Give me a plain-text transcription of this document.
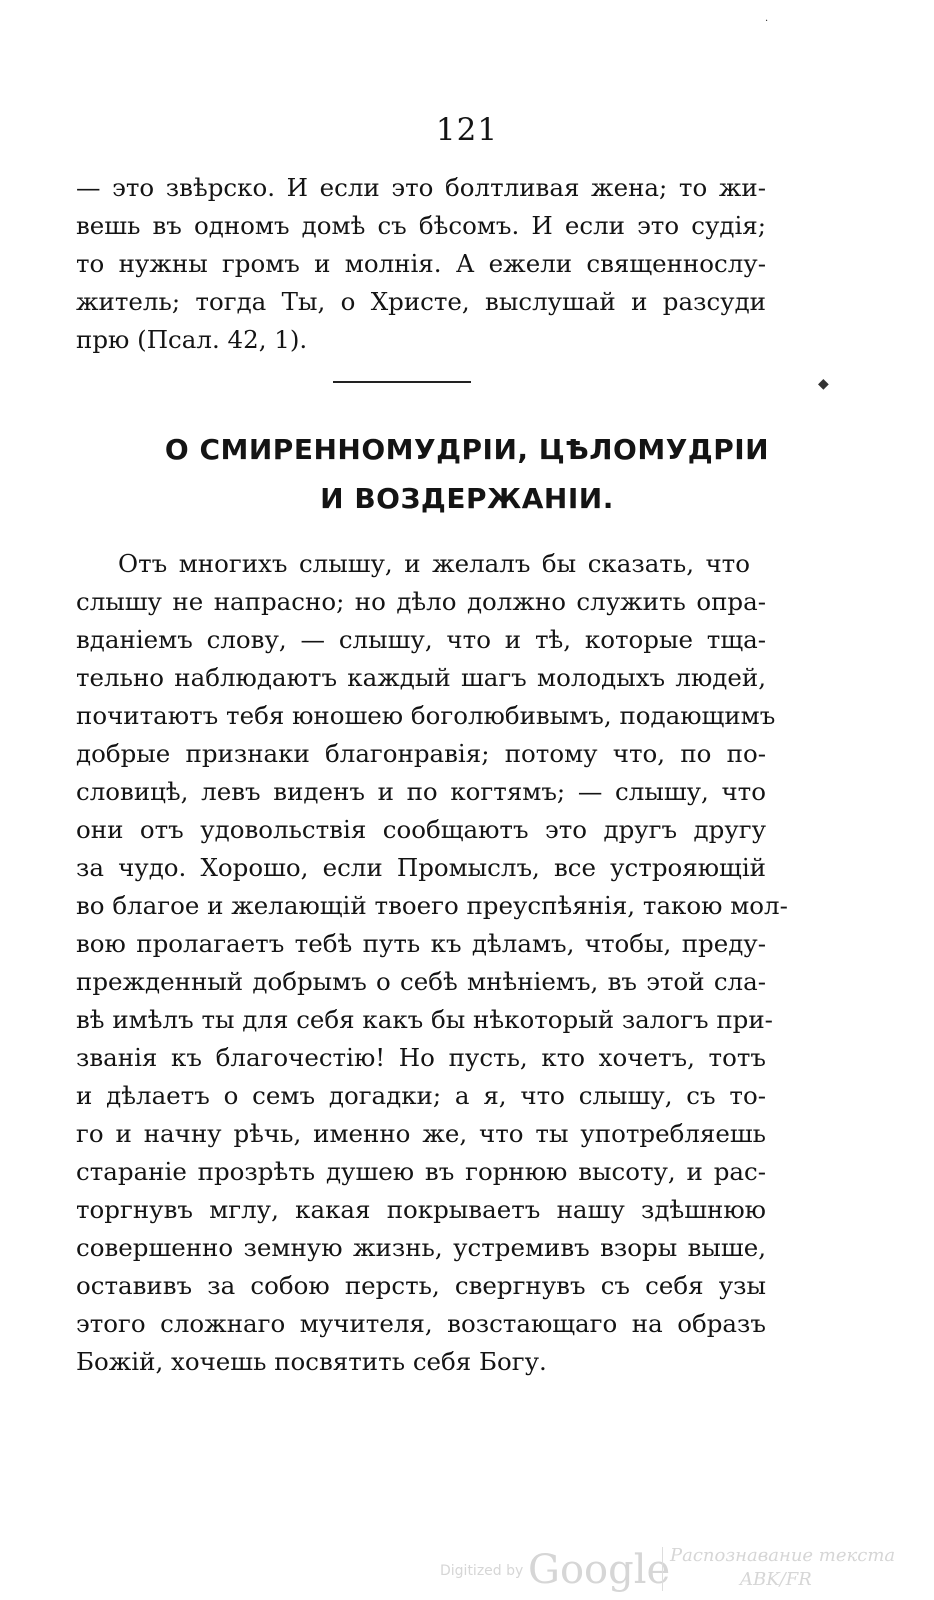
121
— это звѣрско. И если это болтливая жена; то жи-
вешь въ одномъ домѣ съ бѣсомъ. И если это судія;
то нужны громъ и молнія. А ежели священнослу-
житель; тогда Ты, о Христе, выслушай и разсуди
прю (Псал. 42, 1).
◆
·
О СМИРЕННОМУДРІИ, ЦѢЛОМУДРІИ
И ВОЗДЕРЖАНІИ.
Отъ многихъ слышу, и желалъ бы сказать, что
слышу не напрасно; но дѣло должно служить опра-
вданіемъ слову, — слышу, что и тѣ, которые тща-
тельно наблюдаютъ каждый шагъ молодыхъ людей,
почитаютъ тебя юношею боголюбивымъ, подающимъ
добрые признаки благонравія; потому что, по по-
словицѣ, левъ виденъ и по когтямъ; — слышу, что
они отъ удовольствія сообщаютъ это другъ другу
за чудо. Хорошо, если Промыслъ, все устрояющій
во благое и желающій твоего преуспѣянія, такою мол-
вою пролагаетъ тебѣ путь къ дѣламъ, чтобы, преду-
прежденный добрымъ о себѣ мнѣніемъ, въ этой сла-
вѣ имѣлъ ты для себя какъ бы нѣкоторый залогъ при-
званія къ благочестію! Но пусть, кто хочетъ, тотъ
и дѣлаетъ о семъ догадки; а я, что слышу, съ то-
го и начну рѣчь, именно же, что ты употребляешь
стараніе прозрѣть душею въ горнюю высоту, и рас-
торгнувъ мглу, какая покрываетъ нашу здѣшнюю
совершенно земную жизнь, устремивъ взоры выше,
оставивъ за собою персть, свергнувъ съ себя узы
этого сложнаго мучителя, возстающаго на образъ
Божій, хочешь посвятить себя Богу.
Digitized by Google Распознавание текста
ABK/FR
